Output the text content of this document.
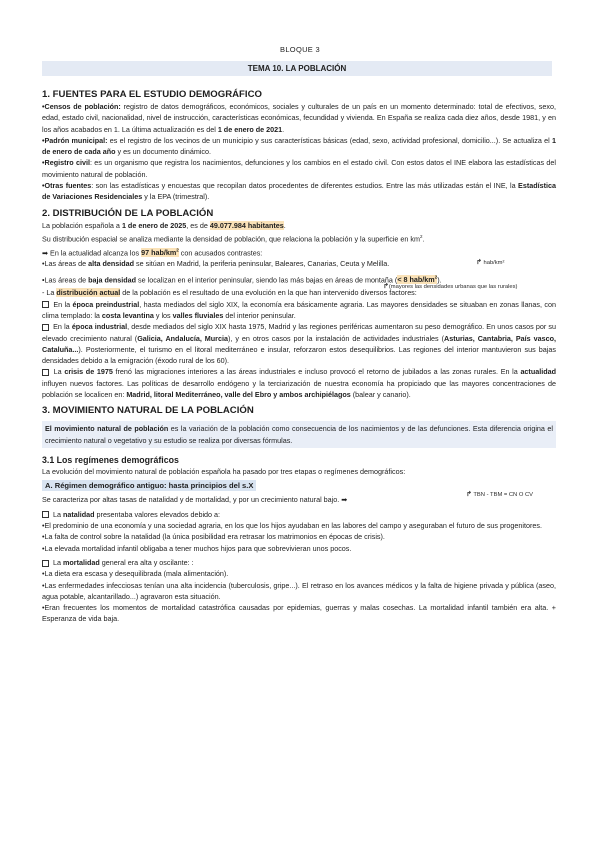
BLOQUE 3
TEMA 10. LA POBLACIÓN
↱ hab/km²
↱(mayores las densidades urbanas que las rurales)
↱ TBN - TBM = CN O CV

1. FUENTES PARA EL ESTUDIO DEMOGRÁFICO

•Censos de población: registro de datos demográficos, económicos, sociales y culturales de un país en un momento determinado: total de efectivos, sexo, edad, estado civil, nacionalidad, nivel de instrucción, características económicas, fecundidad y vivienda. En España se realiza cada diez años, desde 1981, y en los años acabados en 1. La última actualización es del 1 de enero de 2021.

•Padrón municipal: es el registro de los vecinos de un municipio y sus características básicas (edad, sexo, actividad profesional, domicilio...). Se actualiza el 1 de enero de cada año y es un documento dinámico.

•Registro civil: es un organismo que registra los nacimientos, defunciones y los cambios en el estado civil. Con estos datos el INE elabora las estadísticas del movimiento natural de población.

•Otras fuentes: son las estadísticas y encuestas que recopilan datos procedentes de diferentes estudios. Entre las más utilizadas están el INE, la Estadística de Variaciones Residenciales y la EPA (trimestral).

2. DISTRIBUCIÓN DE LA POBLACIÓN

La población española a 1 de enero de 2025, es de 49.077.984 habitantes.

Su distribución espacial se analiza mediante la densidad de población, que relaciona la población y la superficie en $km^2$.

➡ En la actualidad alcanza los 97 hab/$km^2$ con acusados contrastes:

•Las áreas de alta densidad se sitúan en Madrid, la periferia peninsular, Baleares, Canarias, Ceuta y Melilla.

•Las áreas de baja densidad se localizan en el interior peninsular, siendo las más bajas en áreas de montaña (< 8 hab/$km^2$).

- La distribución actual de la población es el resultado de una evolución en la que han intervenido diversos factores:

En la época preindustrial, hasta mediados del siglo XIX, la economía era básicamente agraria. Las mayores densidades se situaban en zonas llanas, con clima templado: la costa levantina y los valles fluviales del interior peninsular.

En la época industrial, desde mediados del siglo XIX hasta 1975, Madrid y las regiones periféricas aumentaron su peso demográfico. En unos casos por su elevado crecimiento natural (Galicia, Andalucía, Murcia), y en otros casos por la instalación de actividades industriales (Asturias, Cantabria, País vasco, Cataluña...). Posteriormente, el turismo en el litoral mediterráneo e insular, reforzaron estos desequilibrios. Las regiones del interior mantuvieron sus bajas densidades debido a la emigración (éxodo rural de los 60).

La crisis de 1975 frenó las migraciones interiores a las áreas industriales e incluso provocó el retorno de jubilados a las zonas rurales. En la actualidad influyen nuevos factores. Las políticas de desarrollo endógeno y la terciarización de nuestra economía ha propiciado que las mayores concentraciones de población se localicen en: Madrid, litoral Mediterráneo, valle del Ebro y ambos archipiélagos (balear y canario).

3. MOVIMIENTO NATURAL DE LA POBLACIÓN

El movimiento natural de población es la variación de la población como consecuencia de los nacimientos y de las defunciones. Esta diferencia origina el crecimiento natural o vegetativo y su estudio se realiza por diversas fórmulas.

3.1 Los regímenes demográficos

La evolución del movimiento natural de población española ha pasado por tres etapas o regímenes demográficos:

A. Régimen demográfico antiguo: hasta principios del s.X

Se caracteriza por altas tasas de natalidad y de mortalidad, y por un crecimiento natural bajo. ➡

La natalidad presentaba valores elevados debido a:

•El predominio de una economía y una sociedad agraria, en los que los hijos ayudaban en las labores del campo y aseguraban el futuro de sus progenitores.

•La falta de control sobre la natalidad (la única posibilidad era retrasar los matrimonios en épocas de crisis).

•La elevada mortalidad infantil obligaba a tener muchos hijos para que sobrevivieran unos pocos.

La mortalidad general era alta y oscilante: :

•La dieta era escasa y desequilibrada (mala alimentación).

•Las enfermedades infecciosas tenían una alta incidencia (tuberculosis, gripe...). El retraso en los avances médicos y la falta de higiene privada y pública (aseo, agua potable, alcantarillado...) agravaron esta situación.

•Eran frecuentes los momentos de mortalidad catastrófica causadas por epidemias, guerras y malas cosechas. La mortalidad infantil también era alta. + Esperanza de vida baja.
